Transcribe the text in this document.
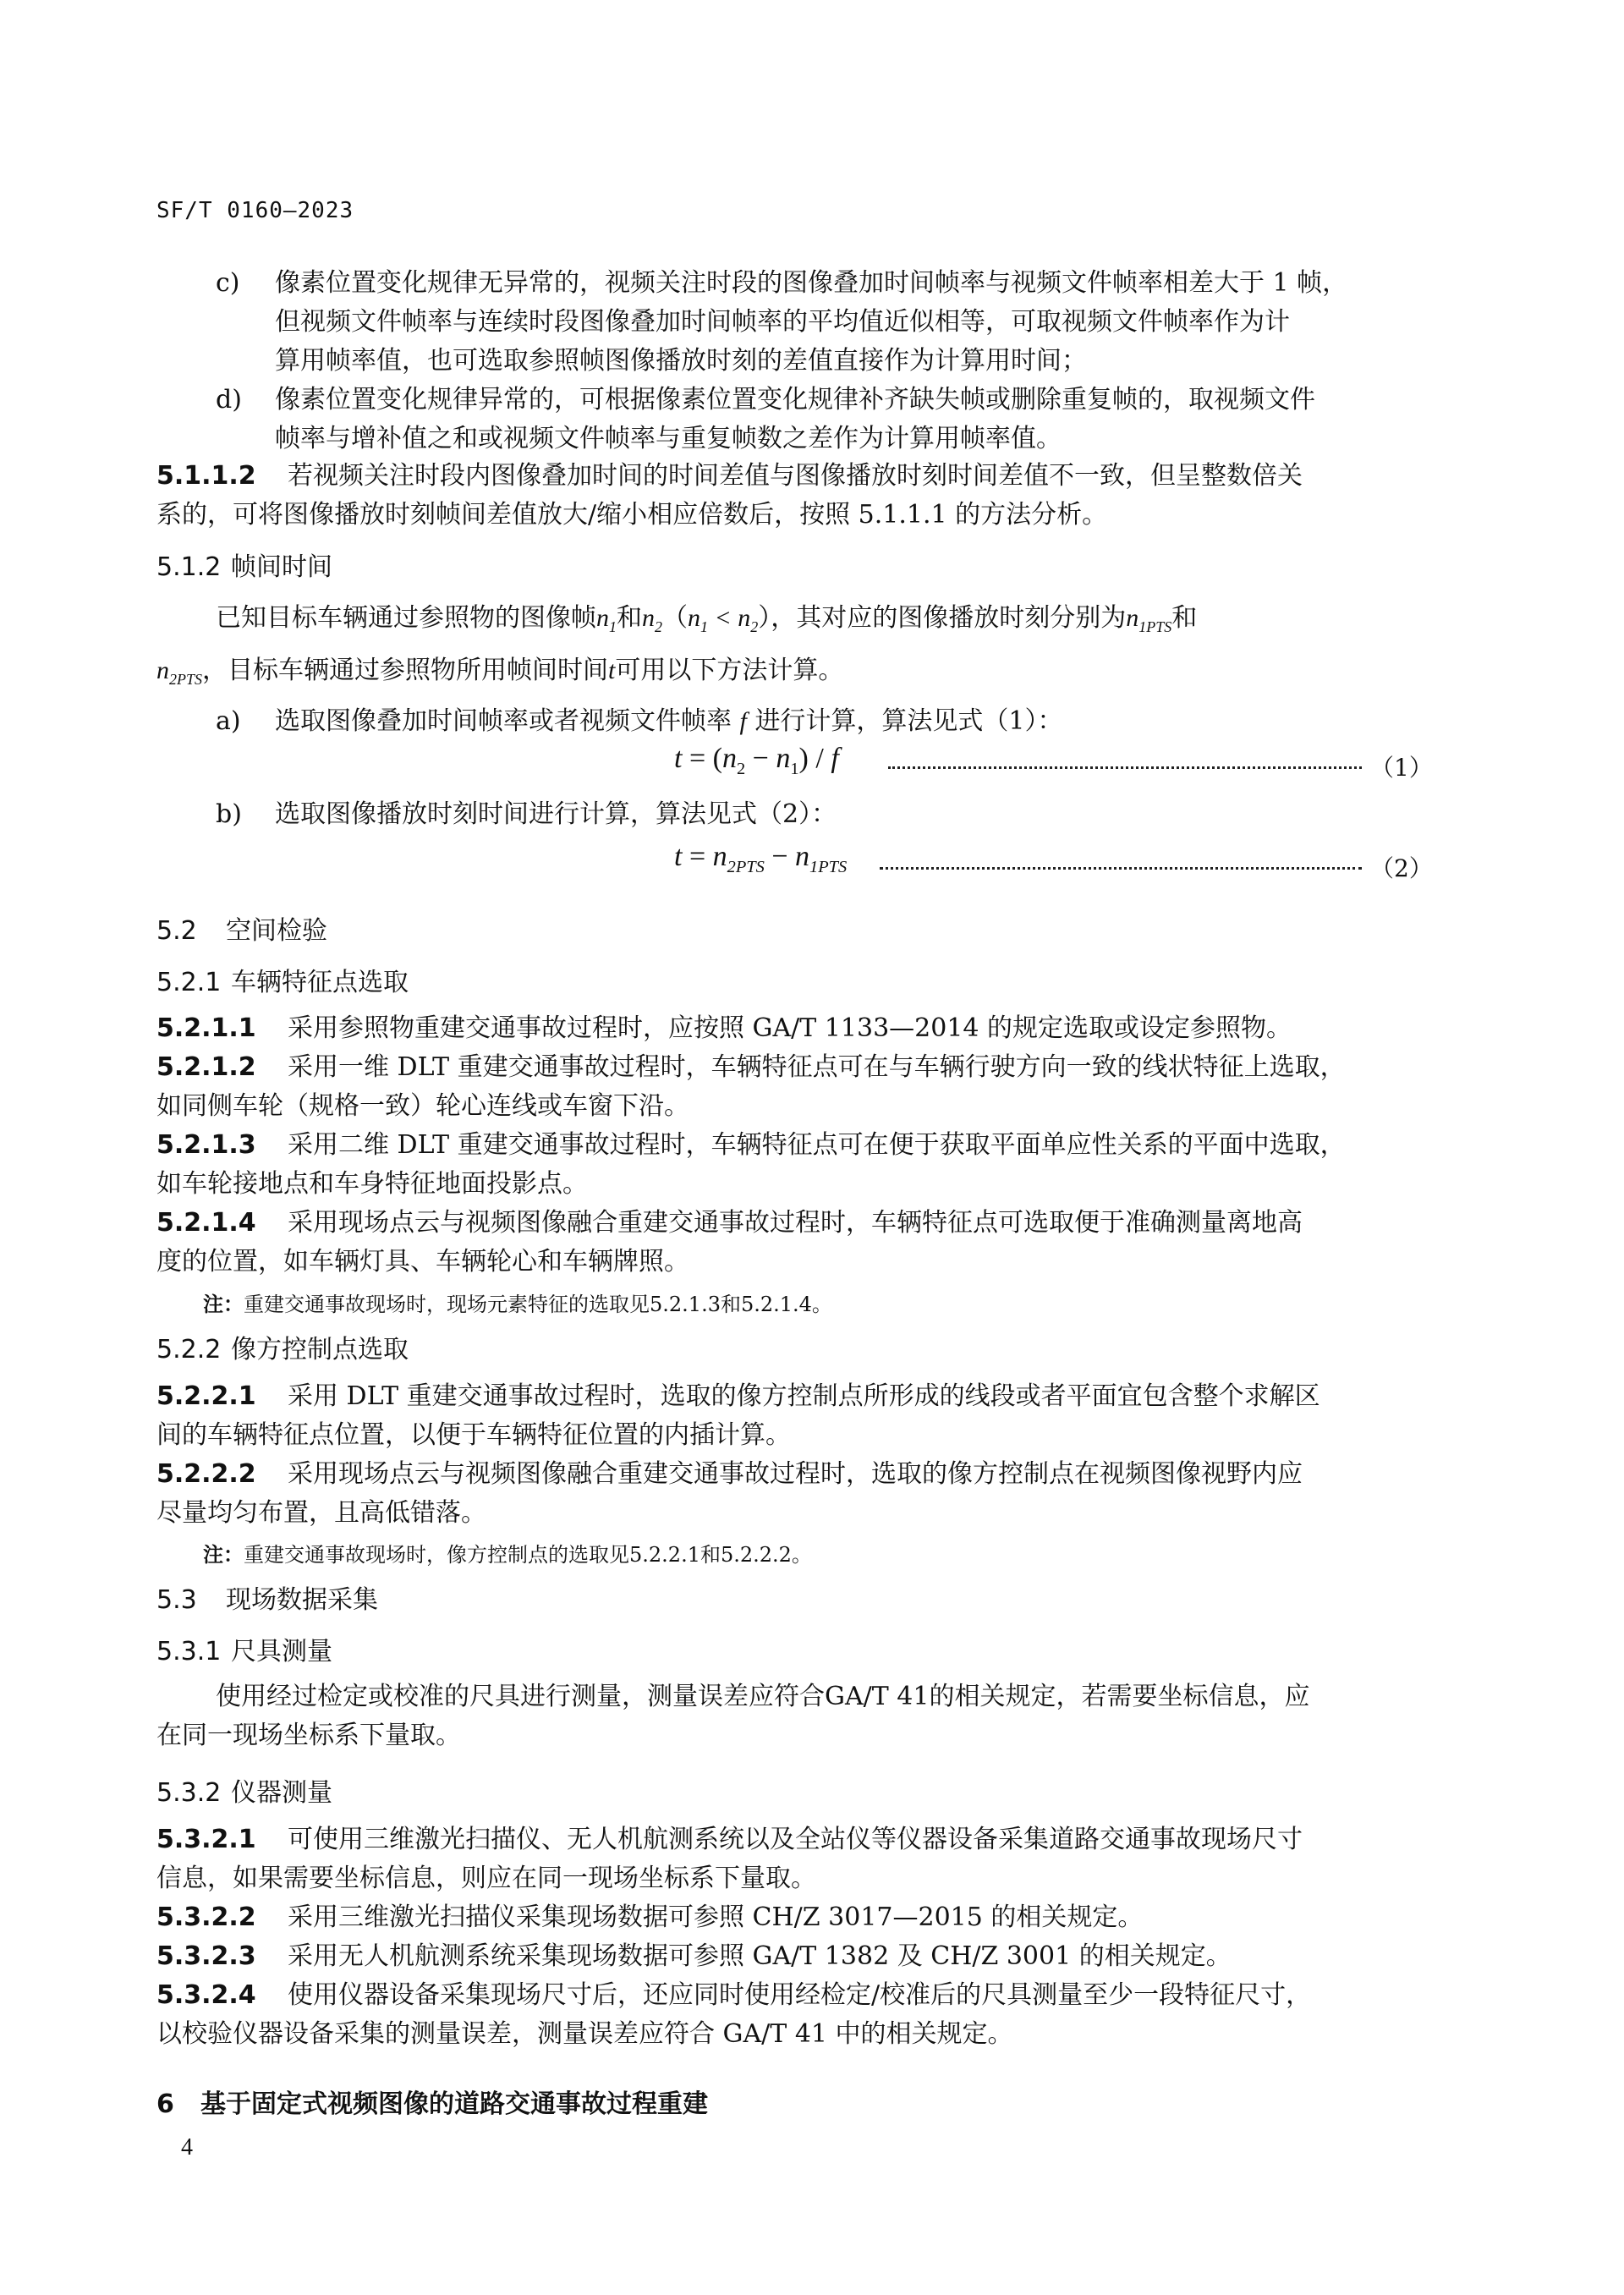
SF/T 0160—2023
c) 像素位置变化规律无异常的，视频关注时段的图像叠加时间帧率与视频文件帧率相差大于 1 帧，
但视频文件帧率与连续时段图像叠加时间帧率的平均值近似相等，可取视频文件帧率作为计
算用帧率值，也可选取参照帧图像播放时刻的差值直接作为计算用时间；
d) 像素位置变化规律异常的，可根据像素位置变化规律补齐缺失帧或删除重复帧的，取视频文件
帧率与增补值之和或视频文件帧率与重复帧数之差作为计算用帧率值。
5.1.1.2 若视频关注时段内图像叠加时间的时间差值与图像播放时刻时间差值不一致，但呈整数倍关
系的，可将图像播放时刻帧间差值放大/缩小相应倍数后，按照 5.1.1.1 的方法分析。
5.1.2 帧间时间
已知目标车辆通过参照物的图像帧$n_1$和$n_2(n_1 < n_2)$，其对应的图像播放时刻分别为$n_{1PTS}$和
$n_{2PTS}$，目标车辆通过参照物所用帧间时间t可用以下方法计算。
a) 选取图像叠加时间帧率或者视频文件帧率 f 进行计算，算法见式（1）：
$t = (n_2 - n_1) / f$	（1）
b) 选取图像播放时刻时间进行计算，算法见式（2）：
$t = n_{2PTS} - n_{1PTS}$	（2）
5.2 空间检验
5.2.1 车辆特征点选取
5.2.1.1 采用参照物重建交通事故过程时，应按照 GA/T 1133—2014 的规定选取或设定参照物。
5.2.1.2 采用一维 DLT 重建交通事故过程时，车辆特征点可在与车辆行驶方向一致的线状特征上选取，
如同侧车轮（规格一致）轮心连线或车窗下沿。
5.2.1.3 采用二维 DLT 重建交通事故过程时，车辆特征点可在便于获取平面单应性关系的平面中选取，
如车轮接地点和车身特征地面投影点。
5.2.1.4 采用现场点云与视频图像融合重建交通事故过程时，车辆特征点可选取便于准确测量离地高
度的位置，如车辆灯具、车辆轮心和车辆牌照。
注：重建交通事故现场时，现场元素特征的选取见5.2.1.3和5.2.1.4。
5.2.2 像方控制点选取
5.2.2.1 采用 DLT 重建交通事故过程时，选取的像方控制点所形成的线段或者平面宜包含整个求解区
间的车辆特征点位置，以便于车辆特征位置的内插计算。
5.2.2.2 采用现场点云与视频图像融合重建交通事故过程时，选取的像方控制点在视频图像视野内应
尽量均匀布置，且高低错落。
注：重建交通事故现场时，像方控制点的选取见5.2.2.1和5.2.2.2。
5.3 现场数据采集
5.3.1 尺具测量
使用经过检定或校准的尺具进行测量，测量误差应符合GA/T 41的相关规定，若需要坐标信息，应
在同一现场坐标系下量取。
5.3.2 仪器测量
5.3.2.1 可使用三维激光扫描仪、无人机航测系统以及全站仪等仪器设备采集道路交通事故现场尺寸
信息，如果需要坐标信息，则应在同一现场坐标系下量取。
5.3.2.2 采用三维激光扫描仪采集现场数据可参照 CH/Z 3017—2015 的相关规定。
5.3.2.3 采用无人机航测系统采集现场数据可参照 GA/T 1382 及 CH/Z 3001 的相关规定。
5.3.2.4 使用仪器设备采集现场尺寸后，还应同时使用经检定/校准后的尺具测量至少一段特征尺寸，
以校验仪器设备采集的测量误差，测量误差应符合 GA/T 41 中的相关规定。
6 基于固定式视频图像的道路交通事故过程重建
4
